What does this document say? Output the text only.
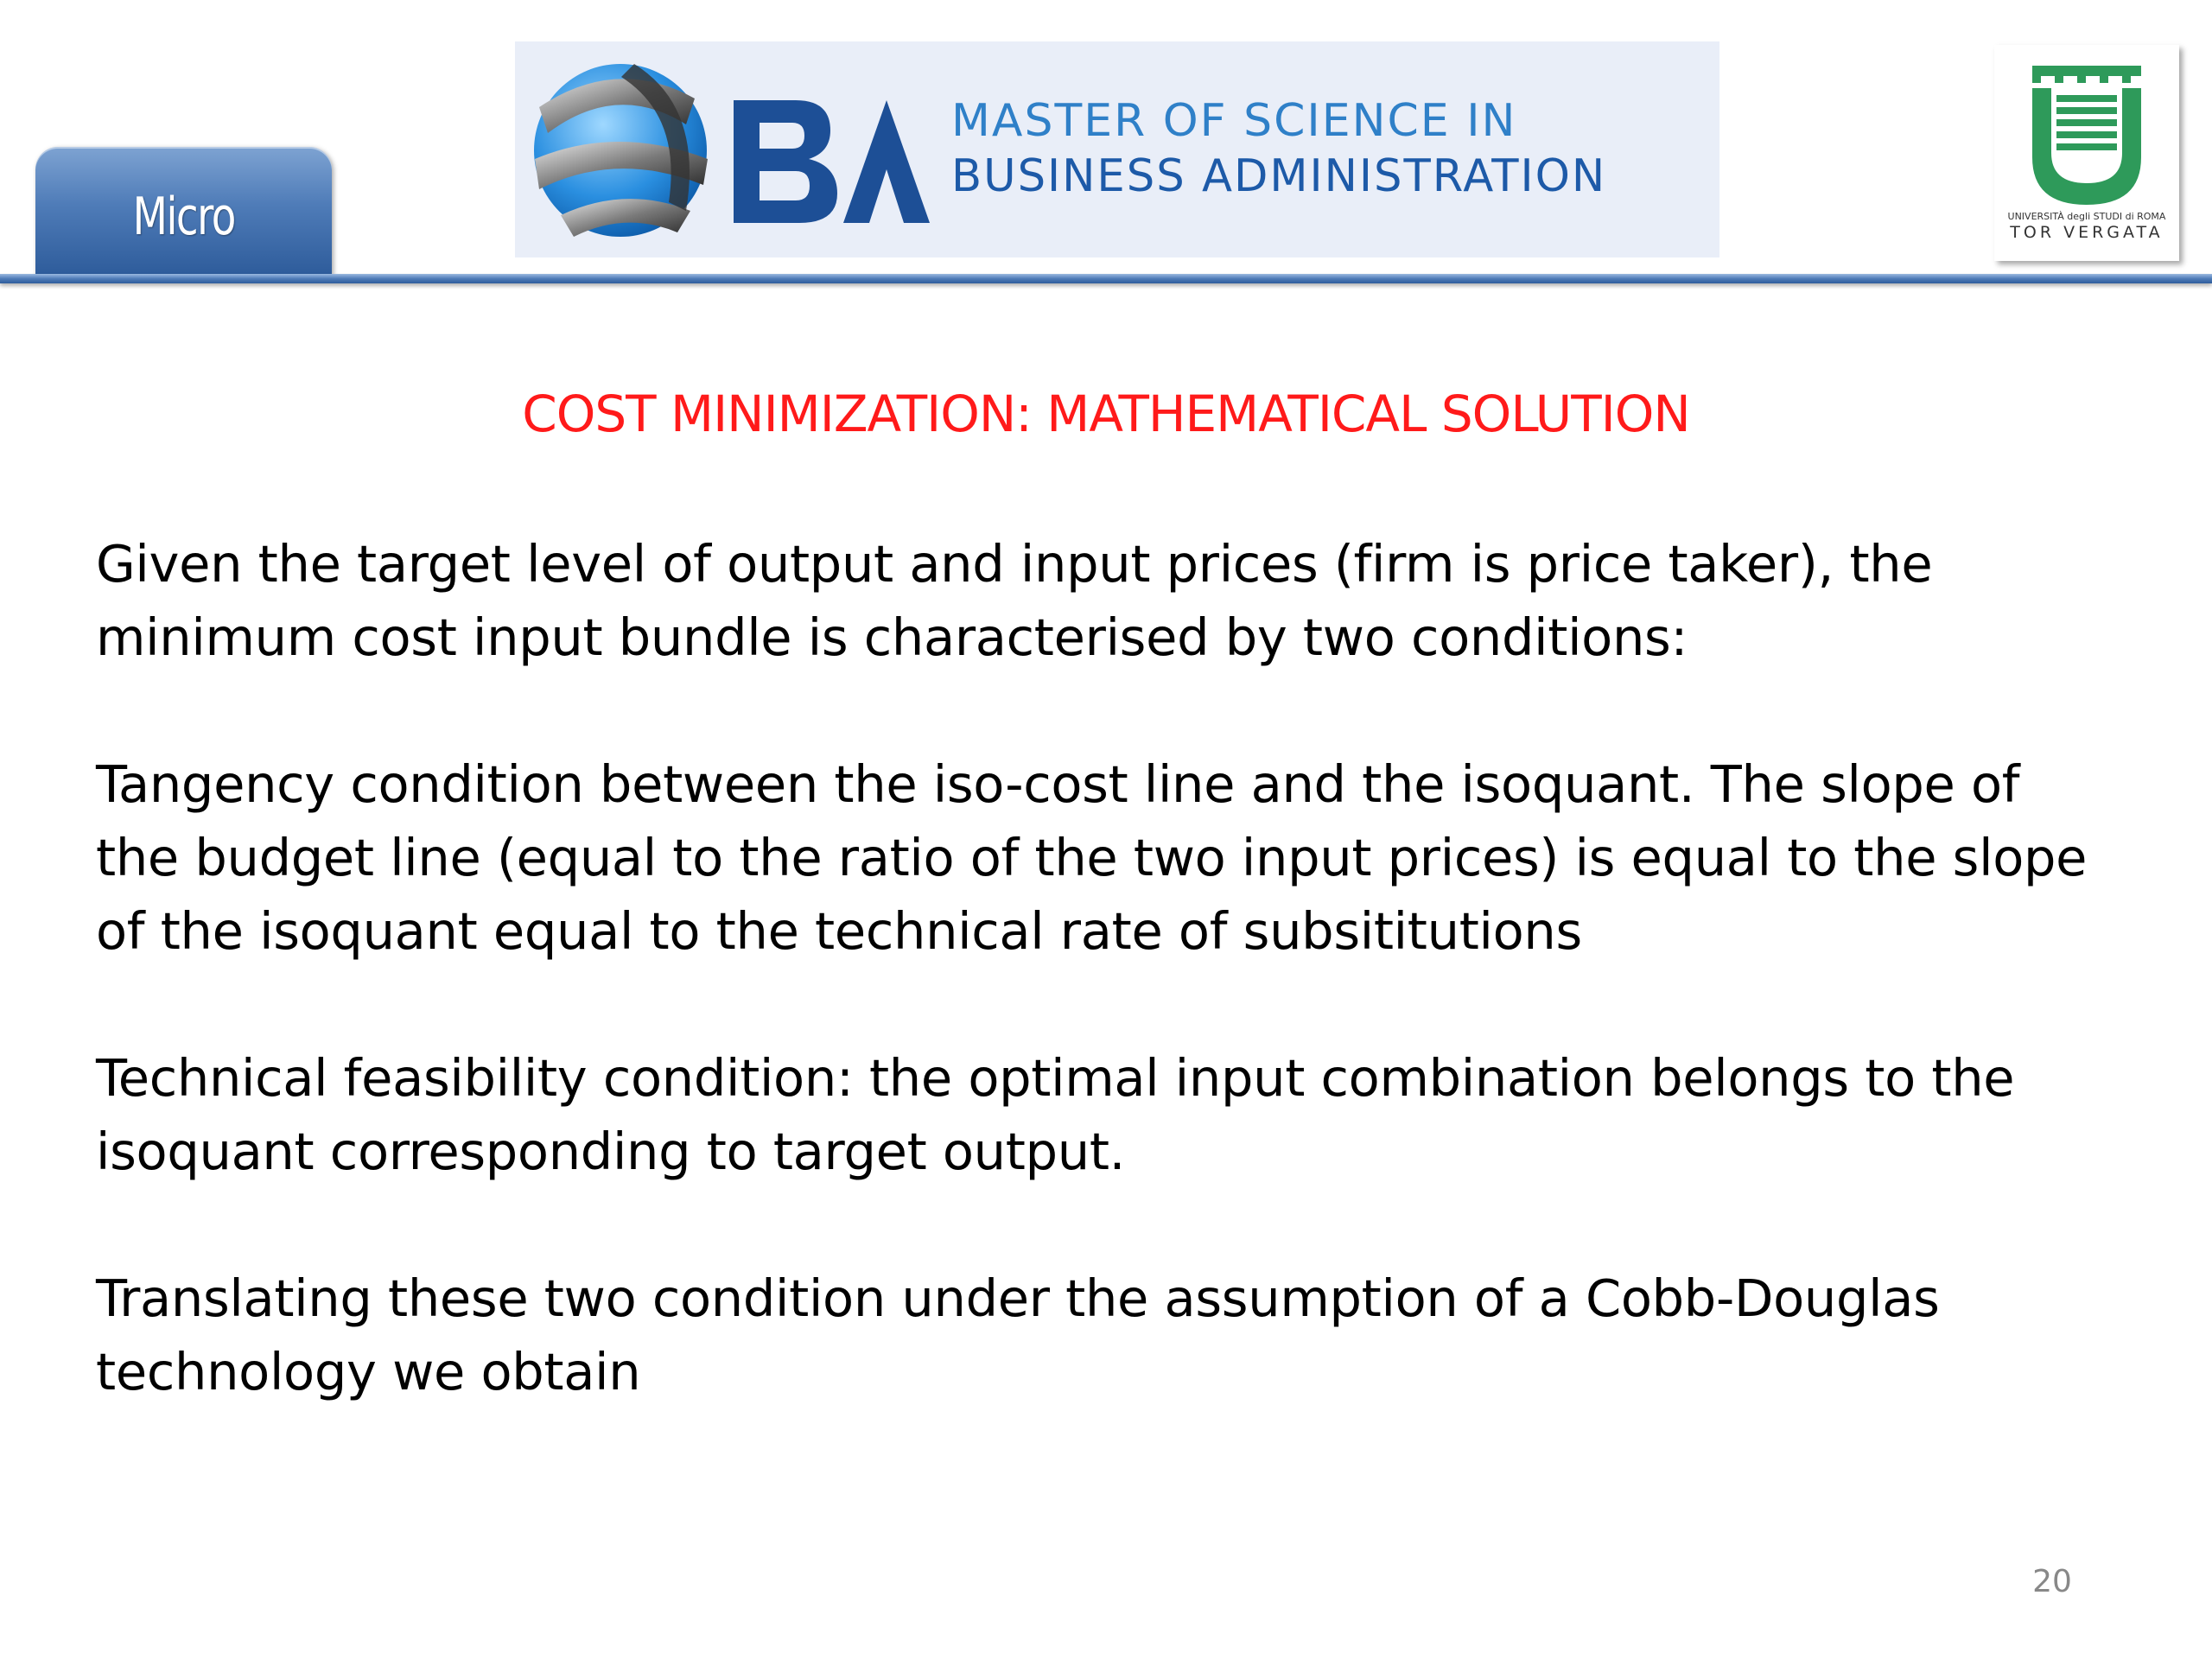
Micro
MASTER OF SCIENCE IN
BUSINESS ADMINISTRATION
UNIVERSITÀ degli STUDI di ROMA
TOR VERGATA
COST MINIMIZATION: MATHEMATICAL SOLUTION

Given the target level of output and input prices (firm is price taker), the
minimum cost input bundle is characterised by two conditions:

Tangency condition between the iso-cost line and the isoquant. The slope of
the budget line (equal to the ratio of the two input prices) is equal to the slope
of the isoquant equal to the technical rate of subsititutions

Technical feasibility condition: the optimal input combination belongs to the
isoquant corresponding to target output.

Translating these two condition under the assumption of a Cobb-Douglas
technology we obtain

20
